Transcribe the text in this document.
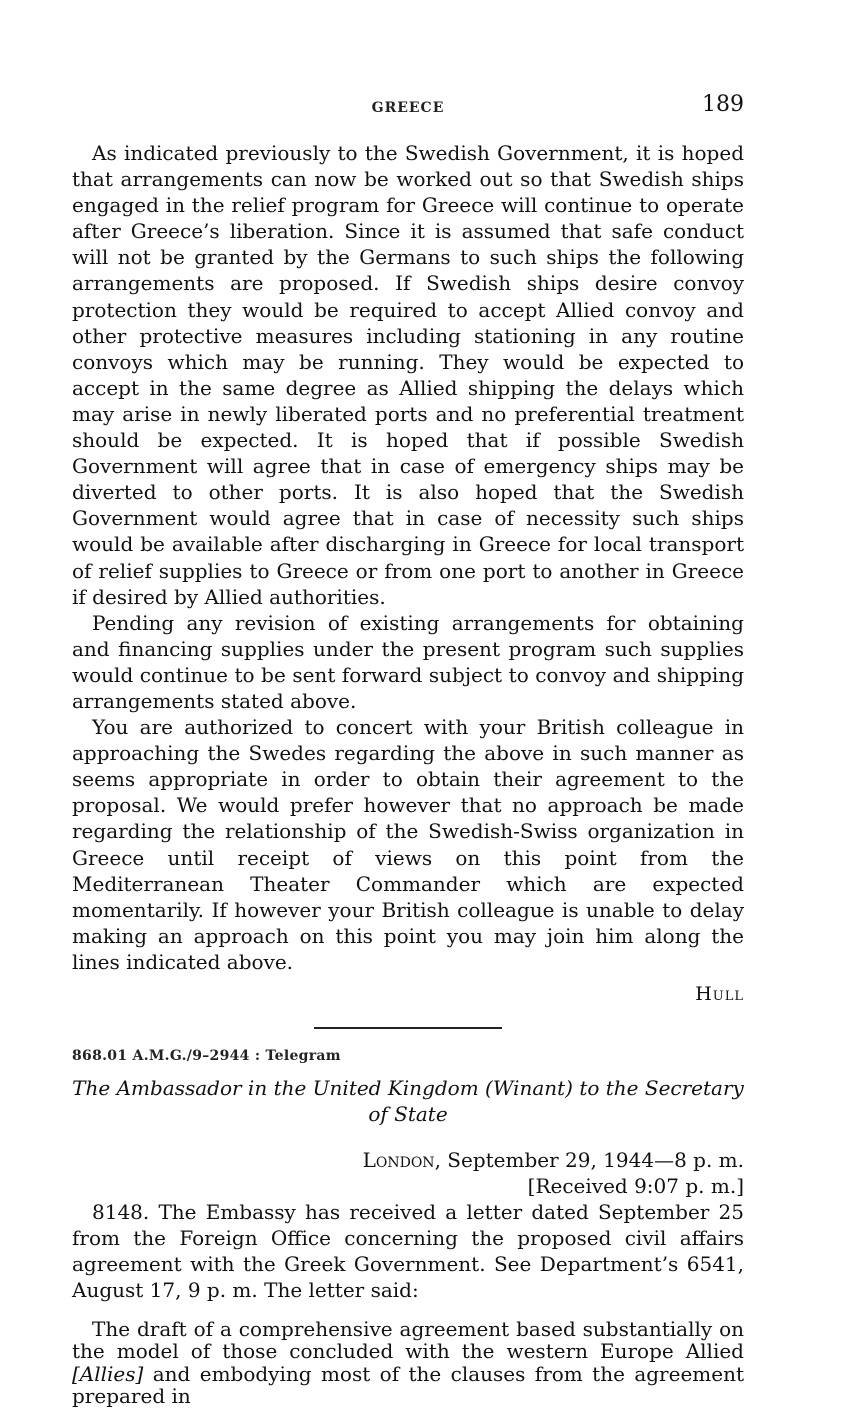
GREECE	189

As indicated previously to the Swedish Government, it is hoped that arrangements can now be worked out so that Swedish ships engaged in the relief program for Greece will continue to operate after Greece’s liberation. Since it is assumed that safe conduct will not be granted by the Germans to such ships the following arrangements are proposed. If Swedish ships desire convoy protection they would be required to accept Allied convoy and other protective measures including stationing in any routine convoys which may be running. They would be expected to accept in the same degree as Allied shipping the delays which may arise in newly liberated ports and no preferential treatment should be expected. It is hoped that if possible Swedish Government will agree that in case of emergency ships may be diverted to other ports. It is also hoped that the Swedish Government would agree that in case of necessity such ships would be available after discharging in Greece for local transport of relief supplies to Greece or from one port to another in Greece if desired by Allied authorities.

Pending any revision of existing arrangements for obtaining and financing supplies under the present program such supplies would continue to be sent forward subject to convoy and shipping arrangements stated above.

You are authorized to concert with your British colleague in approaching the Swedes regarding the above in such manner as seems appropriate in order to obtain their agreement to the proposal. We would prefer however that no approach be made regarding the relationship of the Swedish-Swiss organization in Greece until receipt of views on this point from the Mediterranean Theater Commander which are expected momentarily. If however your British colleague is unable to delay making an approach on this point you may join him along the lines indicated above.

Hull
868.01 A.M.G./9–2944 : Telegram
The Ambassador in the United Kingdom (Winant) to the Secretary of State
London, September 29, 1944—8 p. m.
[Received 9:07 p. m.]

8148. The Embassy has received a letter dated September 25 from the Foreign Office concerning the proposed civil affairs agreement with the Greek Government. See Department’s 6541, August 17, 9 p. m. The letter said:

The draft of a comprehensive agreement based substantially on the model of those concluded with the western Europe Allied [Allies] and embodying most of the clauses from the agreement prepared in
